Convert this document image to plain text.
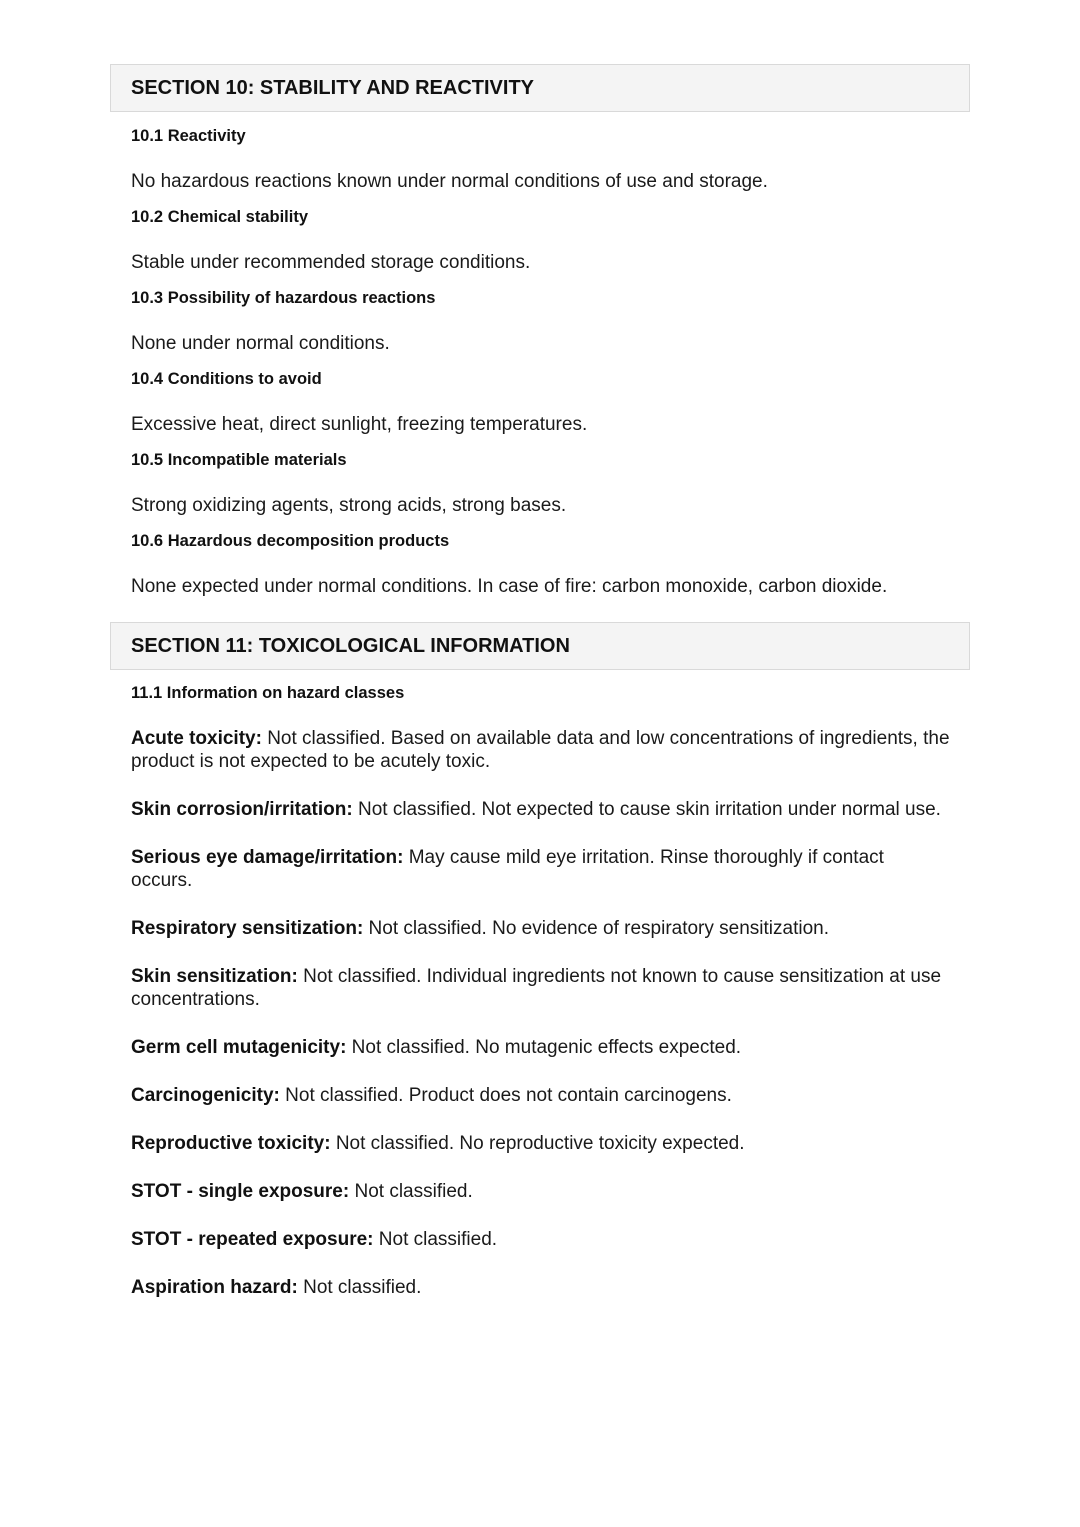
SECTION 10: STABILITY AND REACTIVITY
10.1 Reactivity
No hazardous reactions known under normal conditions of use and storage.
10.2 Chemical stability
Stable under recommended storage conditions.
10.3 Possibility of hazardous reactions
None under normal conditions.
10.4 Conditions to avoid
Excessive heat, direct sunlight, freezing temperatures.
10.5 Incompatible materials
Strong oxidizing agents, strong acids, strong bases.
10.6 Hazardous decomposition products
None expected under normal conditions. In case of fire: carbon monoxide, carbon dioxide.
SECTION 11: TOXICOLOGICAL INFORMATION
11.1 Information on hazard classes
Acute toxicity: Not classified. Based on available data and low concentrations of ingredients, the product is not expected to be acutely toxic.
Skin corrosion/irritation: Not classified. Not expected to cause skin irritation under normal use.
Serious eye damage/irritation: May cause mild eye irritation. Rinse thoroughly if contact occurs.
Respiratory sensitization: Not classified. No evidence of respiratory sensitization.
Skin sensitization: Not classified. Individual ingredients not known to cause sensitization at use concentrations.
Germ cell mutagenicity: Not classified. No mutagenic effects expected.
Carcinogenicity: Not classified. Product does not contain carcinogens.
Reproductive toxicity: Not classified. No reproductive toxicity expected.
STOT - single exposure: Not classified.
STOT - repeated exposure: Not classified.
Aspiration hazard: Not classified.
